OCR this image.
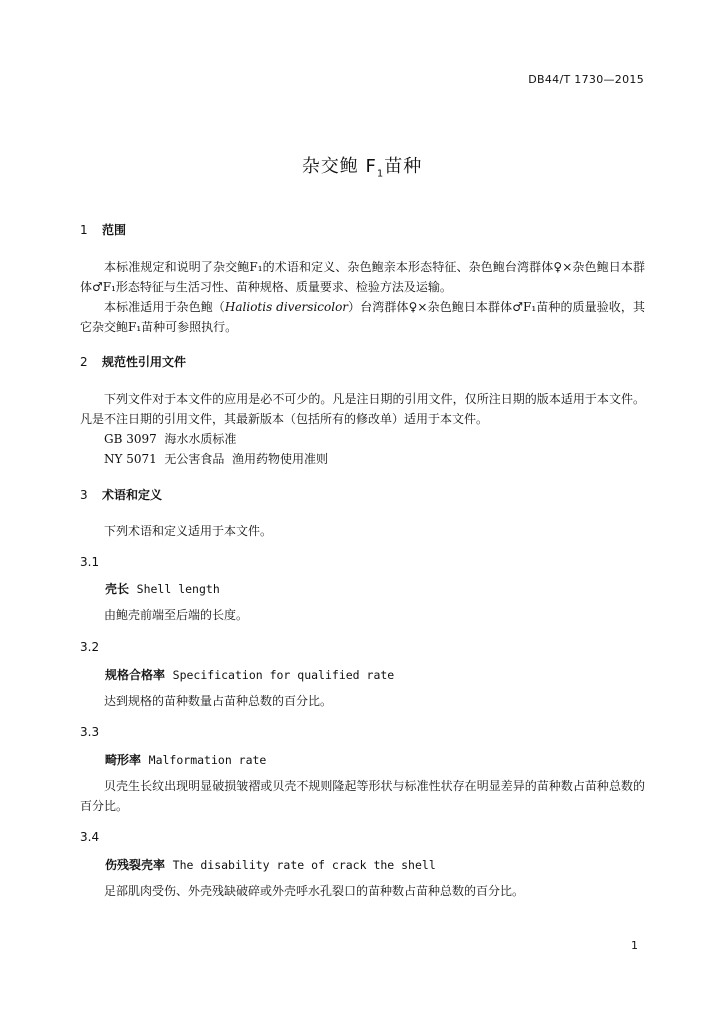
DB44/T 1730—2015
杂交鲍 $F_1$苗种
1 范围
本标准规定和说明了杂交鲍F₁的术语和定义、杂色鲍亲本形态特征、杂色鲍台湾群体♀×杂色鲍日本群体♂F₁形态特征与生活习性、苗种规格、质量要求、检验方法及运输。
本标准适用于杂色鲍（Haliotis diversicolor）台湾群体♀×杂色鲍日本群体♂F₁苗种的质量验收，其它杂交鲍F₁苗种可参照执行。
2 规范性引用文件
下列文件对于本文件的应用是必不可少的。凡是注日期的引用文件，仅所注日期的版本适用于本文件。凡是不注日期的引用文件，其最新版本（包括所有的修改单）适用于本文件。
GB 3097  海水水质标准
NY 5071  无公害食品  渔用药物使用准则
3 术语和定义
下列术语和定义适用于本文件。
3.1
壳长 Shell length
由鲍壳前端至后端的长度。
3.2
规格合格率 Specification for qualified rate
达到规格的苗种数量占苗种总数的百分比。
3.3
畸形率 Malformation rate
贝壳生长纹出现明显破损皱褶或贝壳不规则隆起等形状与标准性状存在明显差异的苗种数占苗种总数的百分比。
3.4
伤残裂壳率 The disability rate of crack the shell
足部肌肉受伤、外壳残缺破碎或外壳呼水孔裂口的苗种数占苗种总数的百分比。
1
